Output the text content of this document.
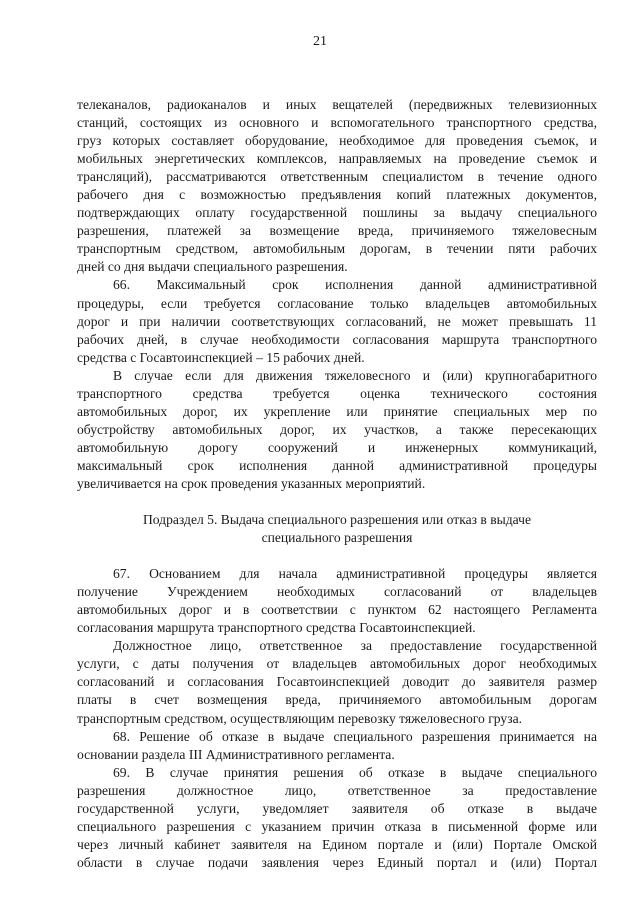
21
телеканалов, радиоканалов и иных вещателей (передвижных телевизионных
станций, состоящих из основного и вспомогательного транспортного средства,
груз которых составляет оборудование, необходимое для проведения съемок, и
мобильных энергетических комплексов, направляемых на проведение съемок и
трансляций), рассматриваются ответственным специалистом в течение одного
рабочего дня с возможностью предъявления копий платежных документов,
подтверждающих оплату государственной пошлины за выдачу специального
разрешения, платежей за возмещение вреда, причиняемого тяжеловесным
транспортным средством, автомобильным дорогам, в течении пяти рабочих
дней со дня выдачи специального разрешения.
66. Максимальный срок исполнения данной административной
процедуры, если требуется согласование только владельцев автомобильных
дорог и при наличии соответствующих согласований, не может превышать 11
рабочих дней, в случае необходимости согласования маршрута транспортного
средства с Госавтоинспекцией – 15 рабочих дней.
В случае если для движения тяжеловесного и (или) крупногабаритного
транспортного средства требуется оценка технического состояния
автомобильных дорог, их укрепление или принятие специальных мер по
обустройству автомобильных дорог, их участков, а также пересекающих
автомобильную дорогу сооружений и инженерных коммуникаций,
максимальный срок исполнения данной административной процедуры
увеличивается на срок проведения указанных мероприятий.
Подраздел 5. Выдача специального разрешения или отказ в выдаче
специального разрешения
67. Основанием для начала административной процедуры является
получение Учреждением необходимых согласований от владельцев
автомобильных дорог и в соответствии с пунктом 62 настоящего Регламента
согласования маршрута транспортного средства Госавтоинспекцией.
Должностное лицо, ответственное за предоставление государственной
услуги, с даты получения от владельцев автомобильных дорог необходимых
согласований и согласования Госавтоинспекцией доводит до заявителя размер
платы в счет возмещения вреда, причиняемого автомобильным дорогам
транспортным средством, осуществляющим перевозку тяжеловесного груза.
68. Решение об отказе в выдаче специального разрешения принимается на
основании раздела III Административного регламента.
69. В случае принятия решения об отказе в выдаче специального
разрешения должностное лицо, ответственное за предоставление
государственной услуги, уведомляет заявителя об отказе в выдаче
специального разрешения с указанием причин отказа в письменной форме или
через личный кабинет заявителя на Едином портале и (или) Портале Омской
области в случае подачи заявления через Единый портал и (или) Портал
